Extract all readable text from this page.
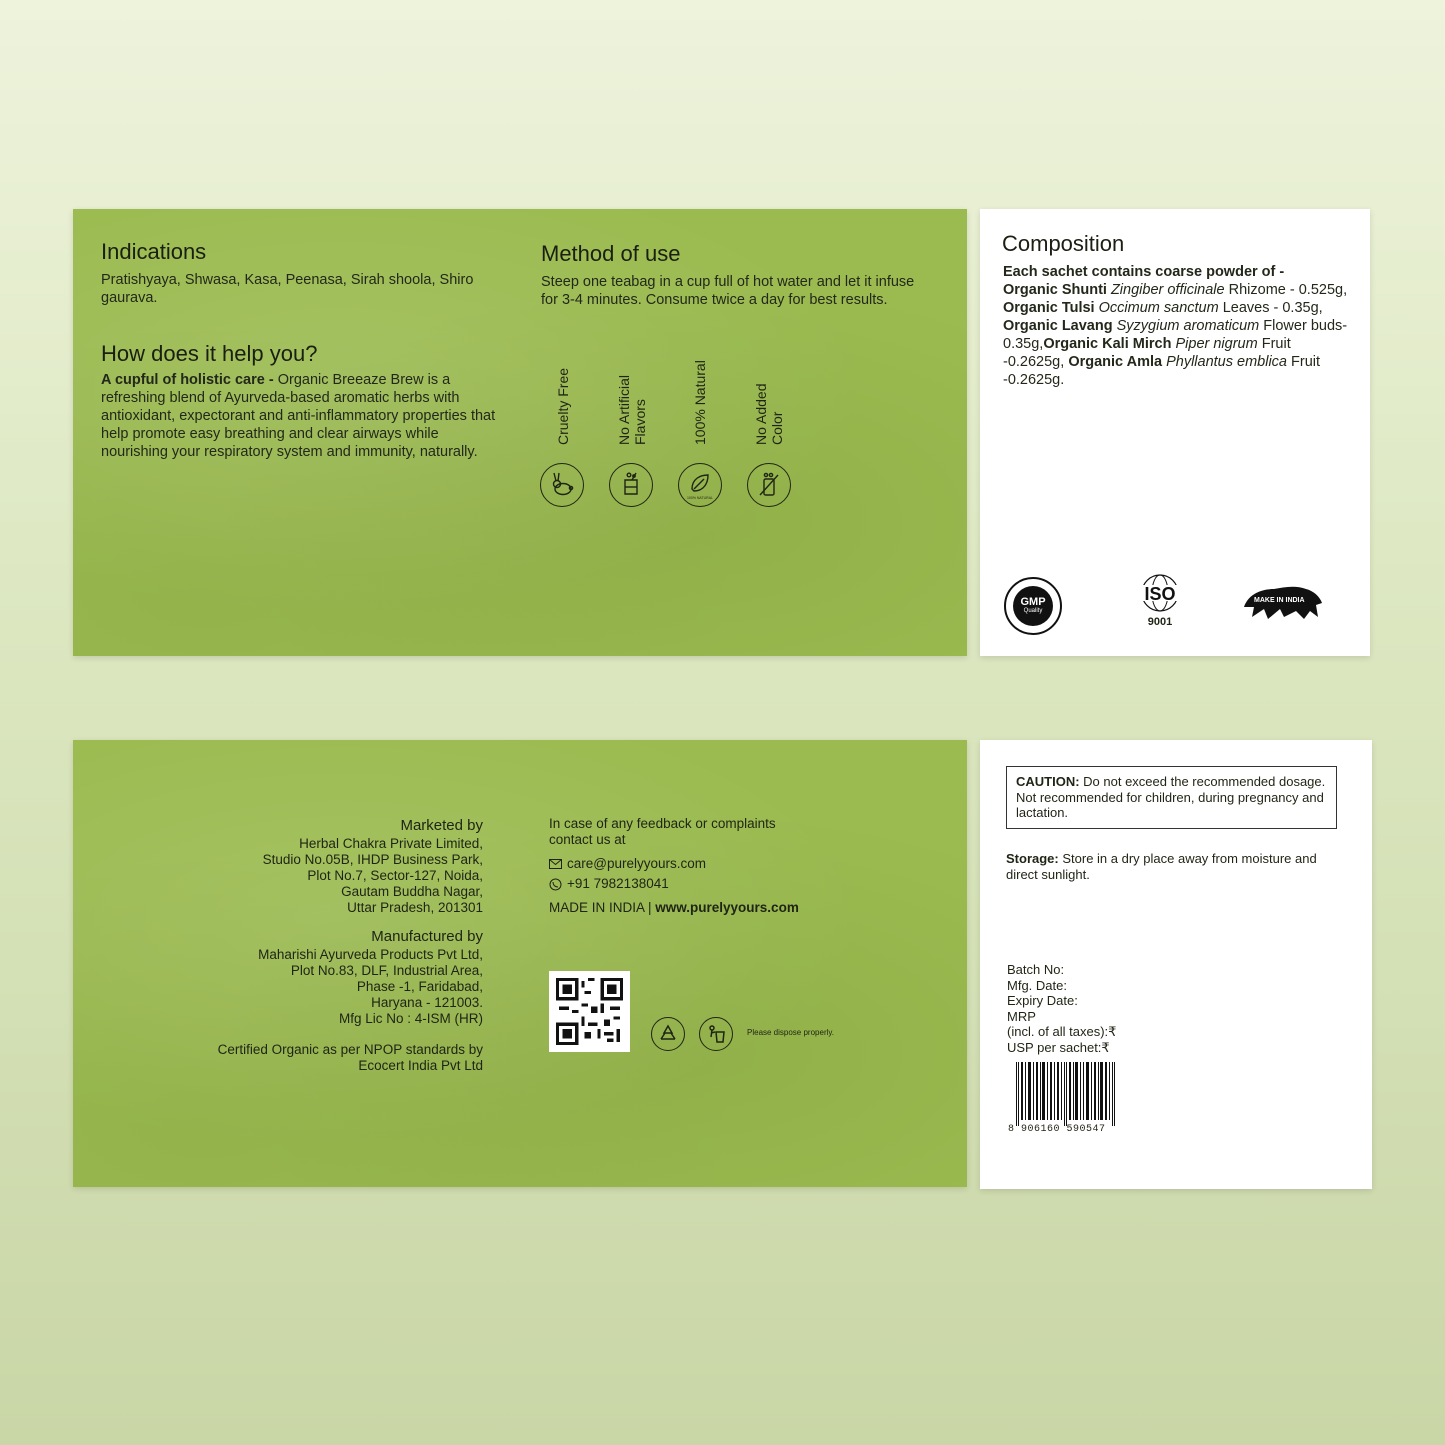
Indications

Pratishyaya, Shwasa, Kasa, Peenasa, Sirah shoola, Shiro gaurava.

How does it help you?

A cupful of holistic care - Organic Breeaze Brew is a refreshing blend of Ayurveda-based aromatic herbs with antioxidant, expectorant and anti-inflammatory properties that help promote easy breathing and clear airways while nourishing your respiratory system and immunity, naturally.

Method of use

Steep one teabag in a cup full of hot water and let it infuse for 3-4 minutes. Consume twice a day for best results.

Cruelty Free	No Artificial
Flavors	100% Natural	No Added
Color
100% NATURAL
Composition

Each sachet contains coarse powder of -
Organic Shunti Zingiber officinale Rhizome - 0.525g, Organic Tulsi Occimum sanctum Leaves - 0.35g, Organic Lavang Syzygium aromaticum Flower buds-0.35g,Organic Kali Mirch Piper nigrum Fruit -0.2625g, Organic Amla Phyllantus emblica Fruit -0.2625g.

GMP
Quality
ISO
9001
MAKE IN INDIA
Marketed by
Herbal Chakra Private Limited,
Studio No.05B, IHDP Business Park,
Plot No.7, Sector-127, Noida,
Gautam Buddha Nagar,
Uttar Pradesh, 201301
Manufactured by
Maharishi Ayurveda Products Pvt Ltd,
Plot No.83, DLF, Industrial Area,
Phase -1, Faridabad,
Haryana - 121003.
Mfg Lic No : 4-ISM (HR)
Certified Organic as per NPOP standards by
Ecocert India Pvt Ltd
In case of any feedback or complaints
contact us at
care@purelyyours.com
+91 7982138041
MADE IN INDIA | www.purelyyours.com
Please dispose properly.
CAUTION: Do not exceed the recommended dosage. Not recommended for children, during pregnancy and lactation.
Storage: Store in a dry place away from moisture and direct sunlight.
Batch No:
Mfg. Date:
Expiry Date:
MRP
(incl. of all taxes):₹
USP per sachet:₹
8 906160 590547
